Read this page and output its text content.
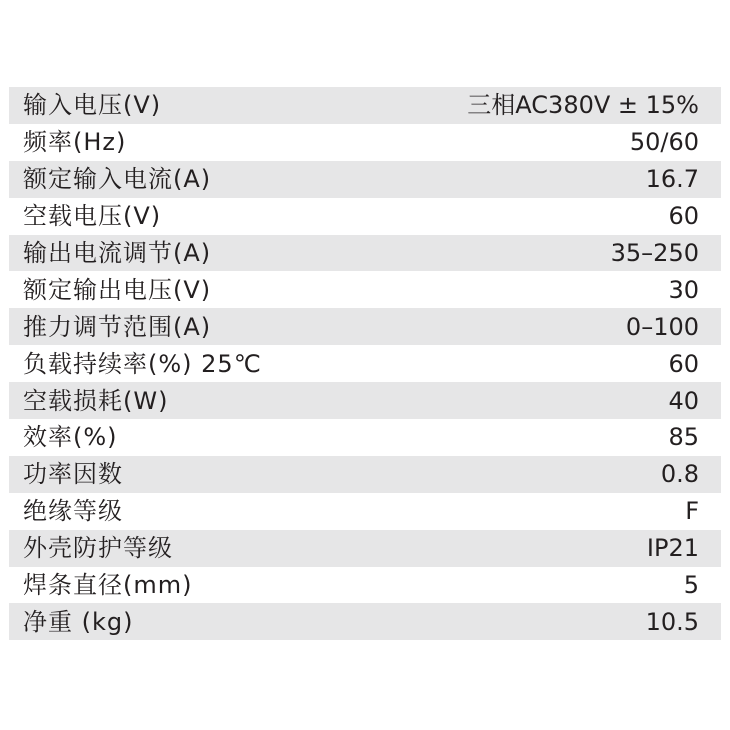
输入电压(V)	三相AC380V ± 15%
频率(Hz)	50/60
额定输入电流(A)	16.7
空载电压(V)	60
输出电流调节(A)	35–250
额定输出电压(V)	30
推力调节范围(A)	0–100
负载持续率(%) 25℃	60
空载损耗(W)	40
效率(%)	85
功率因数	0.8
绝缘等级	F
外壳防护等级	IP21
焊条直径(mm)	5
净重 (kg)	10.5
